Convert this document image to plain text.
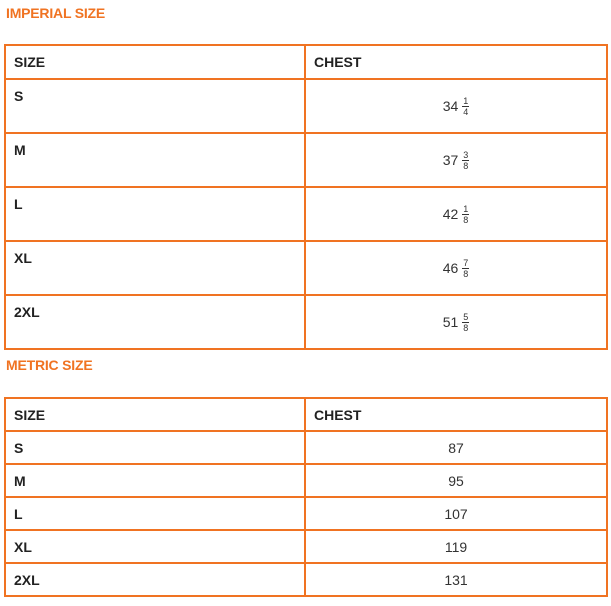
IMPERIAL SIZE
SIZE	CHEST
S	$34 \frac{1}{4}$

M	$37 \frac{3}{8}$

L	$42 \frac{1}{8}$

XL	$46 \frac{7}{8}$

2XL	$51 \frac{5}{8}$
METRIC SIZE
SIZE	CHEST
S	87
M	95
L	107
XL	119
2XL	131
